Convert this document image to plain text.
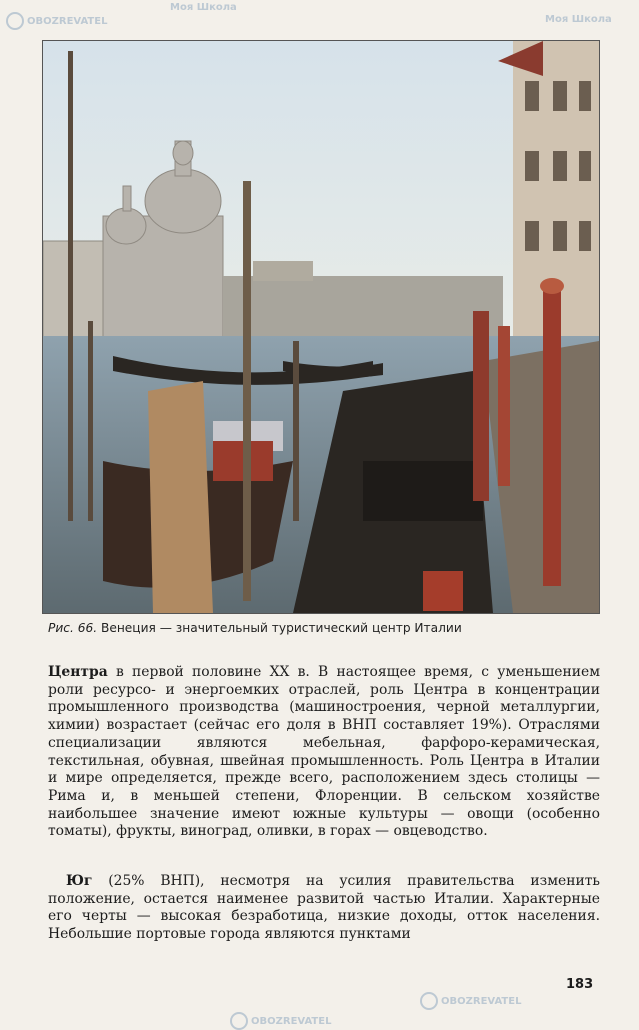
Рис. 66. Венеция — значительный туристический центр Италии

Центра в первой половине XX в. В настоящее время, с уменьшением роли ресурсо- и энергоемких отраслей, роль Центра в концентрации промышленного производства (машиностроения, черной металлургии, химии) возрастает (сейчас его доля в ВНП составляет 19%). Отраслями специализации являются мебельная, фарфоро-керамическая, текстильная, обувная, швейная промышленность. Роль Центра в Италии и мире определяется, прежде всего, расположением здесь столицы — Рима и, в меньшей степени, Флоренции. В сельском хозяйстве наибольшее значение имеют южные культуры — овощи (особенно томаты), фрукты, виноград, оливки, в горах — овцеводство.

Юг (25% ВНП), несмотря на усилия правительства изменить положение, остается наименее развитой частью Италии. Характерные его черты — высокая безработица, низкие доходы, отток населения. Небольшие портовые города являются пунктами

183
OBOZREVATEL
Моя Школа
Моя Школа
OBOZREVATEL
OBOZREVATEL
